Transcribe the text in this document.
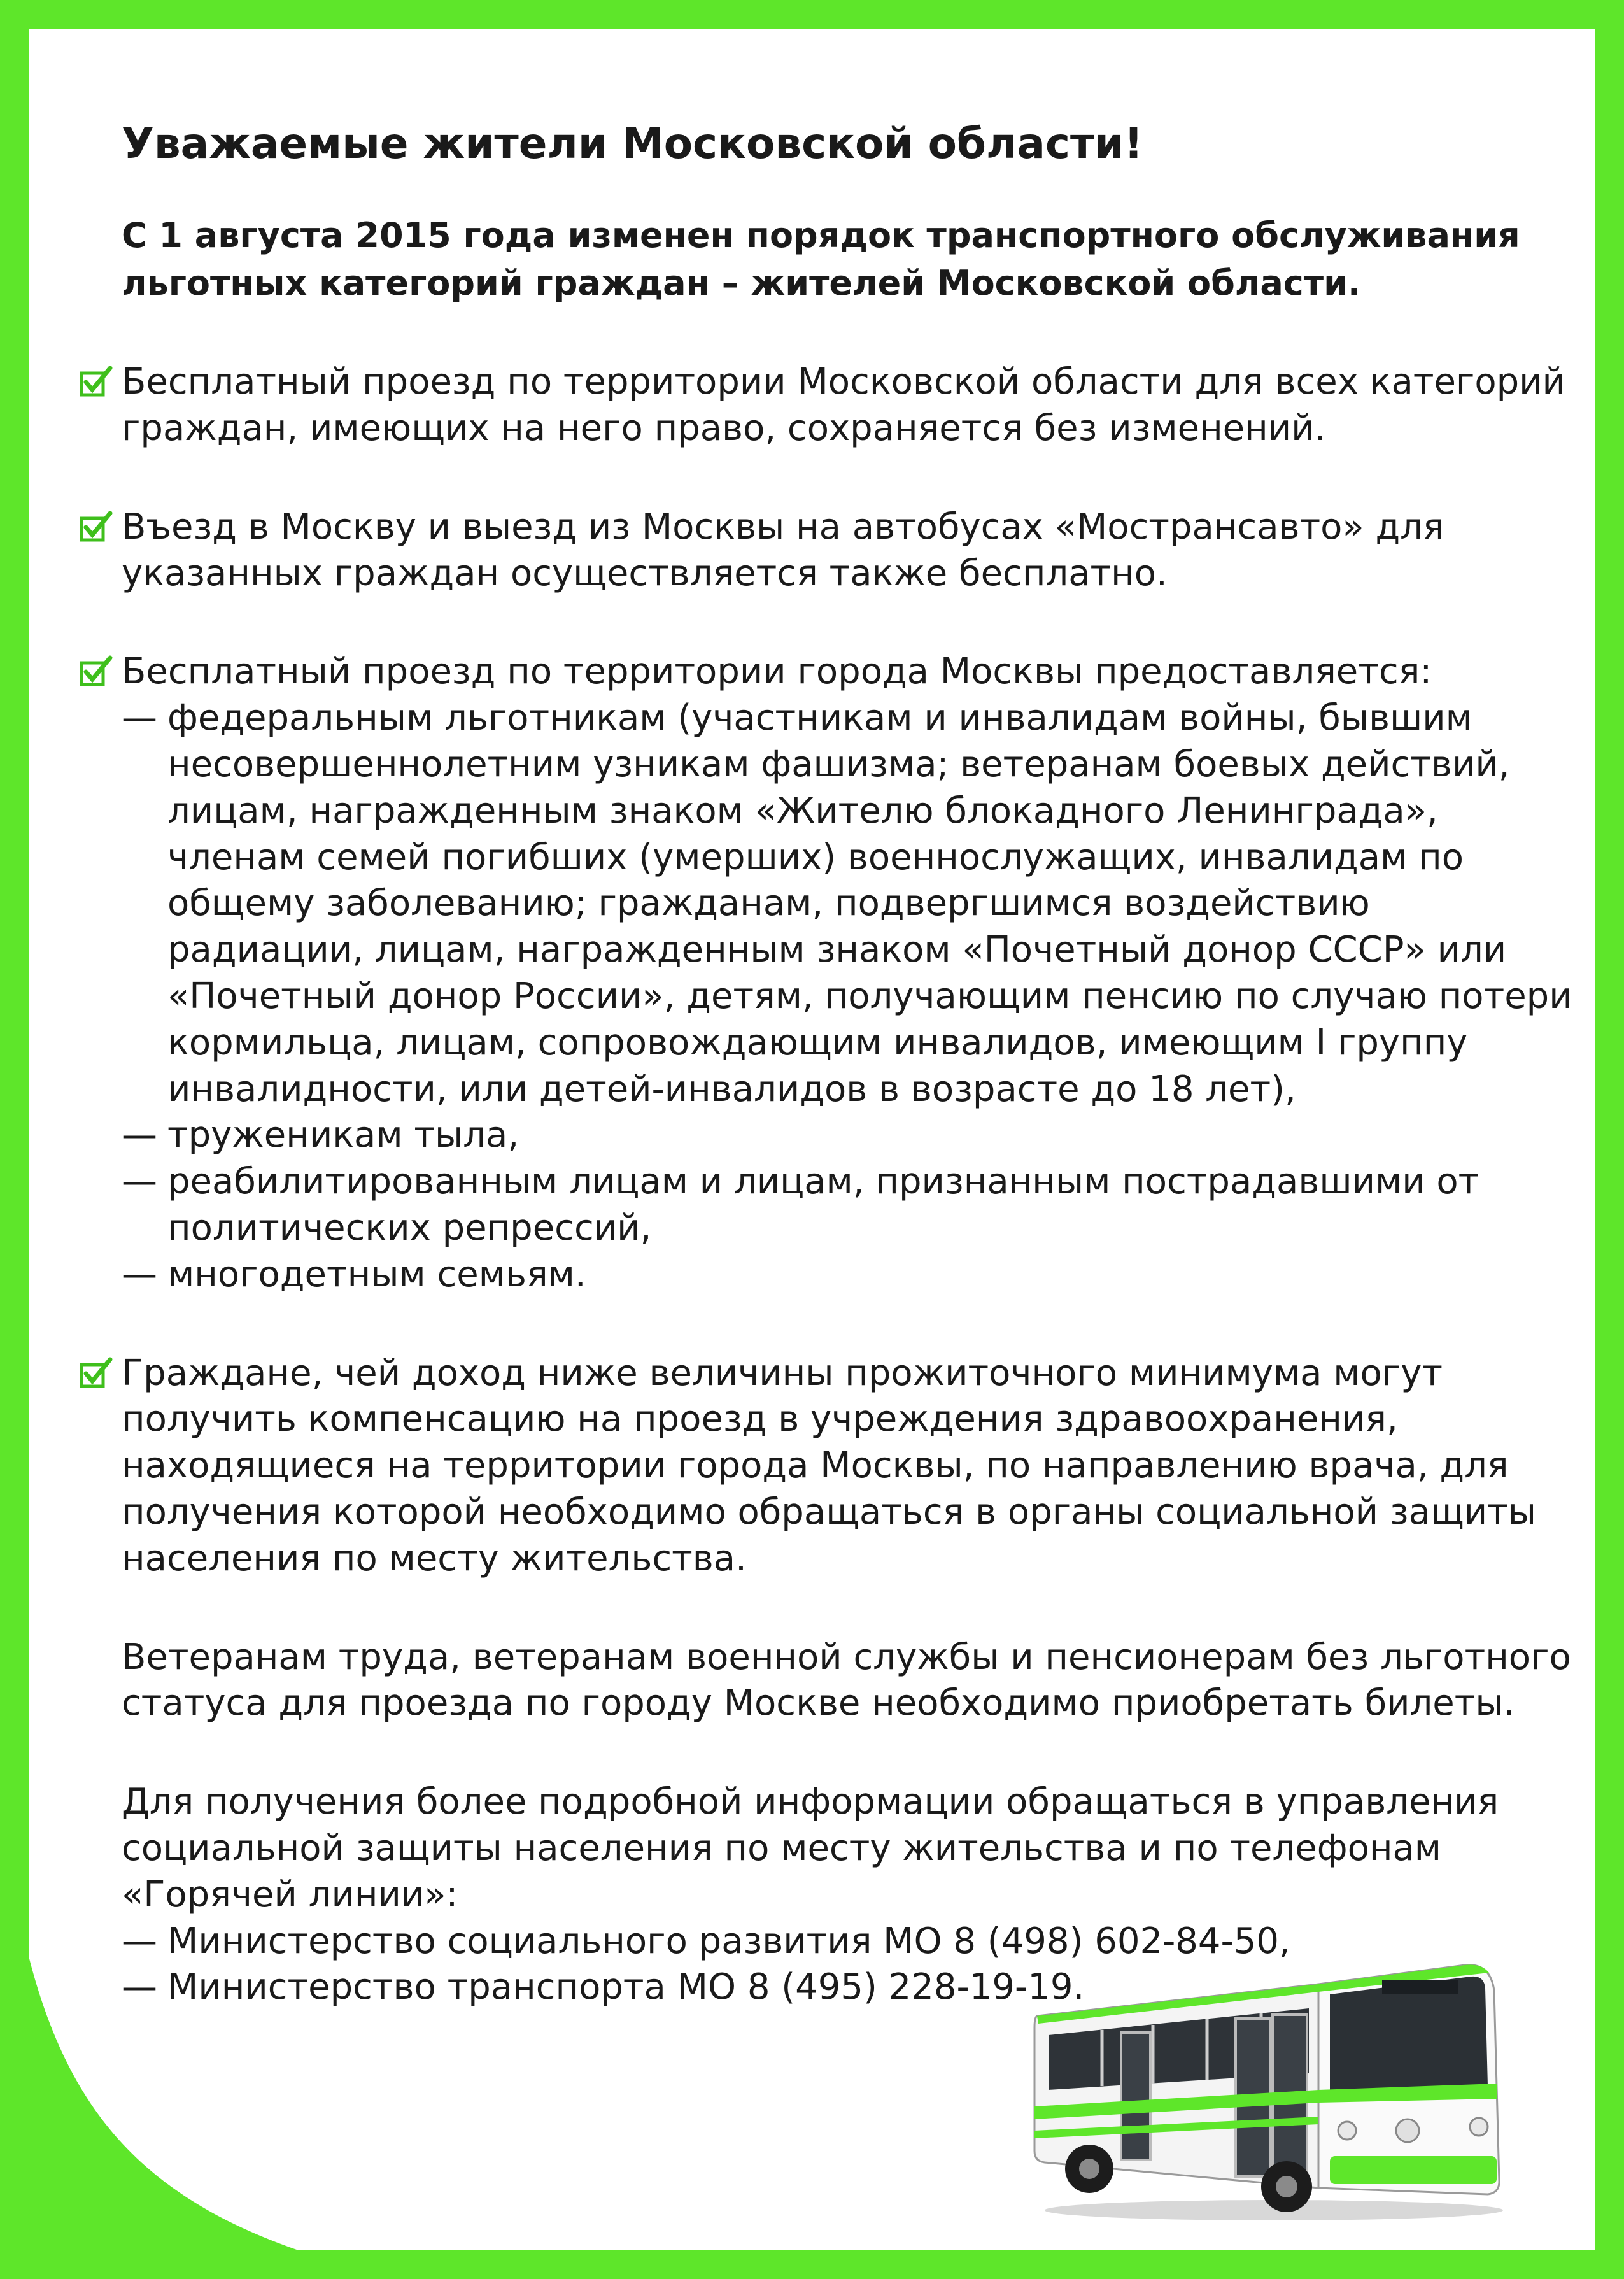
Уважаемые жители Московской области!
С 1 августа 2015 года изменен порядок транспортного обслуживания льготных категорий граждан – жителей Московской области.
Бесплатный проезд по территории Московской области для всех категорий граждан, имеющих на него право, сохраняется без изменений.
Въезд в Москву и выезд из Москвы на автобусах «Мострансавто» для указанных граждан осуществляется также бесплатно.
Бесплатный проезд по территории города Москвы предоставляется:
— федеральным льготникам (участникам и инвалидам войны, бывшим несовершеннолетним узникам фашизма; ветеранам боевых действий, лицам, награжденным знаком «Жителю блокадного Ленинграда», членам семей погибших (умерших) военнослужащих, инвалидам по общему заболеванию; гражданам, подвергшимся воздействию радиации, лицам, награжденным знаком «Почетный донор СССР» или «Почетный донор России», детям, получающим пенсию по случаю потери кормильца, лицам, сопровождающим инвалидов, имеющим I группу инвалидности, или детей-инвалидов в возрасте до 18 лет),
— труженикам тыла,
— реабилитированным лицам и лицам, признанным пострадавшими от политических репрессий,
— многодетным семьям.
Граждане, чей доход ниже величины прожиточного минимума могут получить компенсацию на проезд в учреждения здравоохранения, находящиеся на территории города Москвы, по направлению врача, для получения которой необходимо обращаться в органы социальной защиты населения по месту жительства.
Ветеранам труда, ветеранам военной службы и пенсионерам без льготного статуса для проезда по городу Москве необходимо приобретать билеты.
Для получения более подробной информации обращаться в управления социальной защиты населения по месту жительства и по телефонам «Горячей линии»:
— Министерство социального развития МО 8 (498) 602-84-50,
— Министерство транспорта МО 8 (495) 228-19-19.
